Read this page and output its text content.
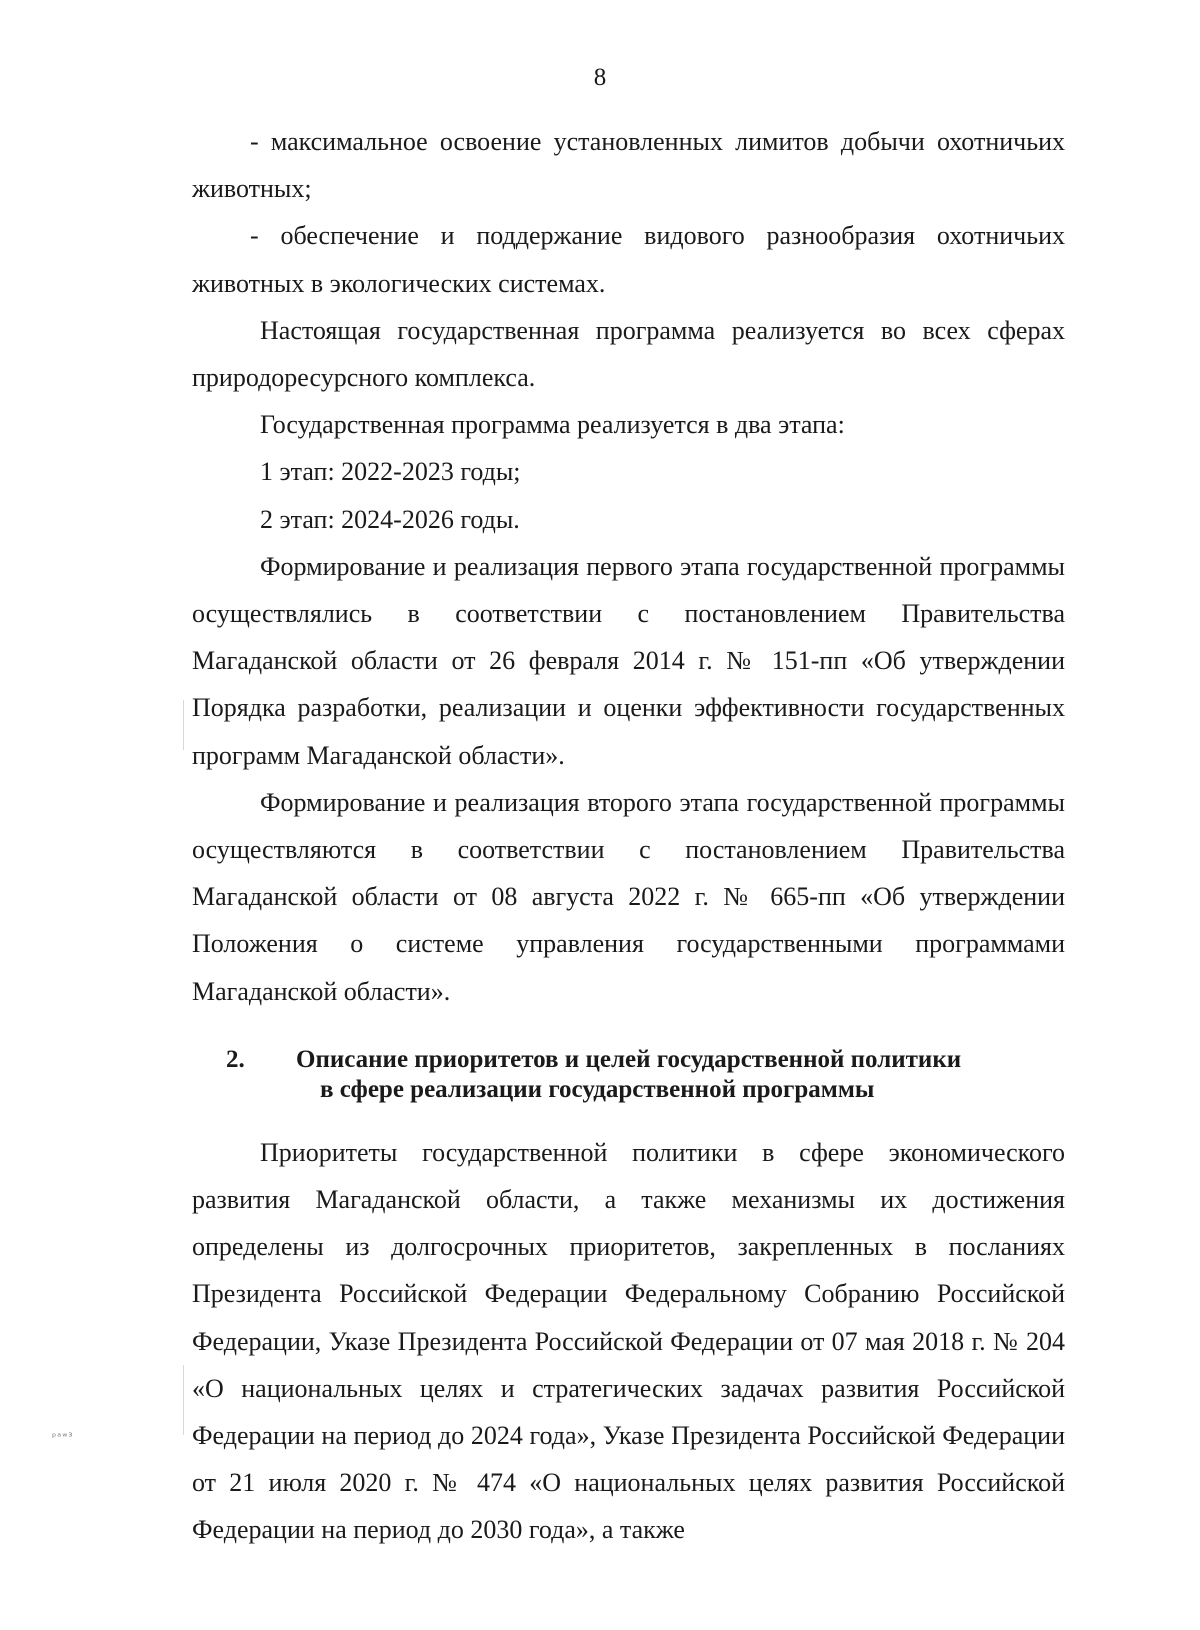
8

- максимальное освоение установленных лимитов добычи охотничьих животных;

- обеспечение и поддержание видового разнообразия охотничьих животных в экологических системах.

Настоящая государственная программа реализуется во всех сферах природоресурсного комплекса.

Государственная программа реализуется в два этапа:

1 этап: 2022-2023 годы;

2 этап: 2024-2026 годы.

Формирование и реализация первого этапа государственной программы осуществлялись в соответствии с постановлением Правительства Магаданской области от 26 февраля 2014 г. № 151-пп «Об утверждении Порядка разработки, реализации и оценки эффективности государственных программ Магаданской области».

Формирование и реализация второго этапа государственной программы осуществляются в соответствии с постановлением Правительства Магаданской области от 08 августа 2022 г. № 665-пп «Об утверждении Положения о системе управления государственными программами Магаданской области».

2.	Описание приоритетов и целей государственной политики
в сфере реализации государственной программы

Приоритеты государственной политики в сфере экономического развития Магаданской области, а также механизмы их достижения определены из долгосрочных приоритетов, закрепленных в посланиях Президента Российской Федерации Федеральному Собранию Российской Федерации, Указе Президента Российской Федерации от 07 мая 2018 г. № 204 «О национальных целях и стратегических задачах развития Российской Федерации на период до 2024 года», Указе Президента Российской Федерации от 21 июля 2020 г. № 474 «О национальных целях развития Российской Федерации на период до 2030 года», а также

ᵖᵃʷ³
